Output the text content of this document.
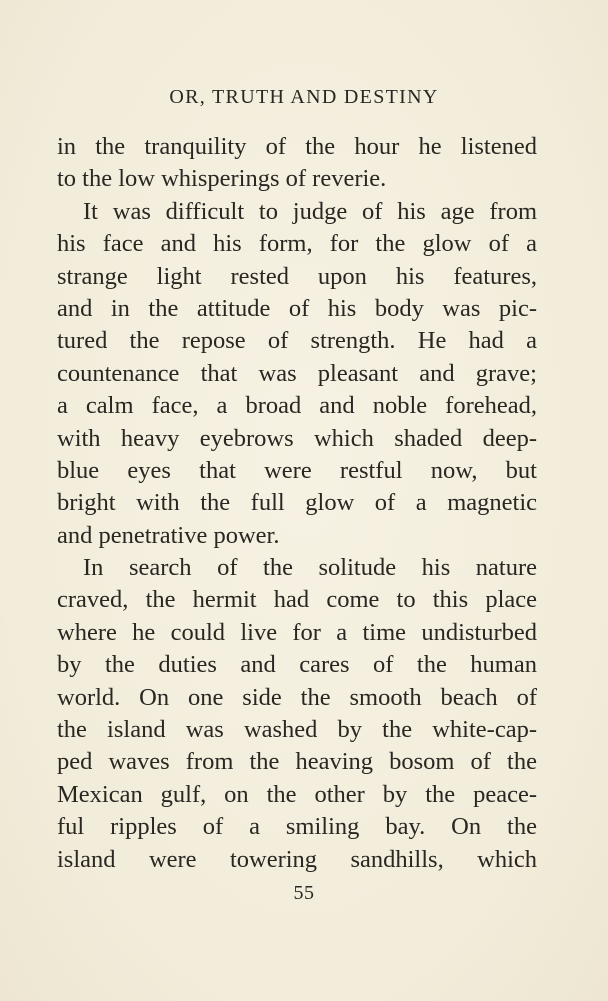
OR, TRUTH AND DESTINY
in the tranquility of the hour he listened
to the low whisperings of reverie.
It was difficult to judge of his age from
his face and his form, for the glow of a
strange light rested upon his features,
and in the attitude of his body was pic-
tured the repose of strength. He had a
countenance that was pleasant and grave;
a calm face, a broad and noble forehead,
with heavy eyebrows which shaded deep-
blue eyes that were restful now, but
bright with the full glow of a magnetic
and penetrative power.
In search of the solitude his nature
craved, the hermit had come to this place
where he could live for a time undisturbed
by the duties and cares of the human
world. On one side the smooth beach of
the island was washed by the white-cap-
ped waves from the heaving bosom of the
Mexican gulf, on the other by the peace-
ful ripples of a smiling bay. On the
island were towering sandhills, which
55
